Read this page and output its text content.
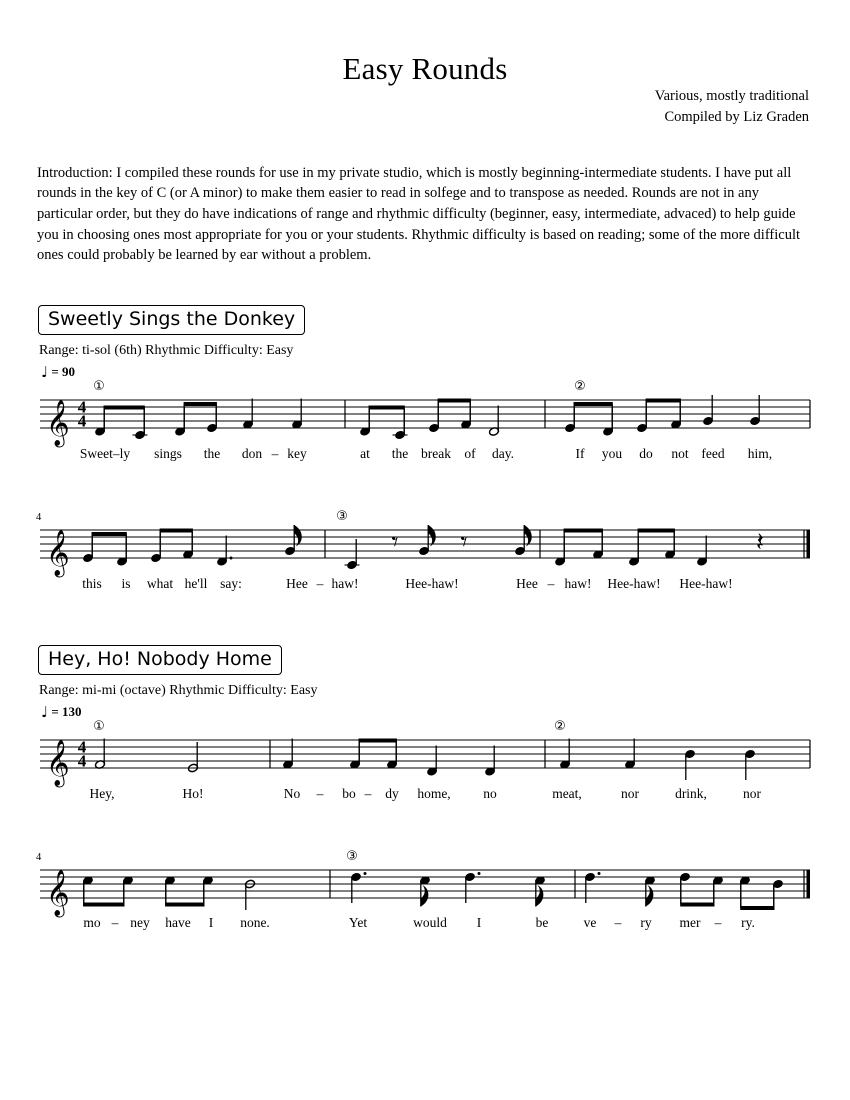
Easy Rounds
Various, mostly traditional
Compiled by Liz Graden

Introduction: I compiled these rounds for use in my private studio, which is mostly beginning-intermediate students. I have put all rounds in the key of C (or A minor) to make them easier to read in solfege and to transpose as needed. Rounds are not in any particular order, but they do have indications of range and rhythmic difficulty (beginner, easy, intermediate, advaced) to help guide you in choosing ones most appropriate for you or your students. Rhythmic difficulty is based on reading; some of the more difficult ones could probably be learned by ear without a problem.

Sweetly Sings the Donkey
Range: ti-sol (6th) Rhythmic Difficulty: Easy
♩ = 90
𝄞 4
4
①	②
𝄞
③
𝄾 𝄾	𝄽
4
Sweet–ly sings the don – key	at the break of day.	If you do not feed him,
this is what he'll say:	Hee – haw!	Hee-haw!	Hee – haw! Hee-haw! Hee-haw!
Hey, Ho! Nobody Home
Range: mi-mi (octave) Rhythmic Difficulty: Easy
♩ = 130
𝄞 4
4
①	②
𝄞
③
4
Hey,	Ho!	No – bo – dy home, no	meat,	nor	drink,	nor
mo – ney have I none.	Yet	would I	be	ve – ry mer – ry.
